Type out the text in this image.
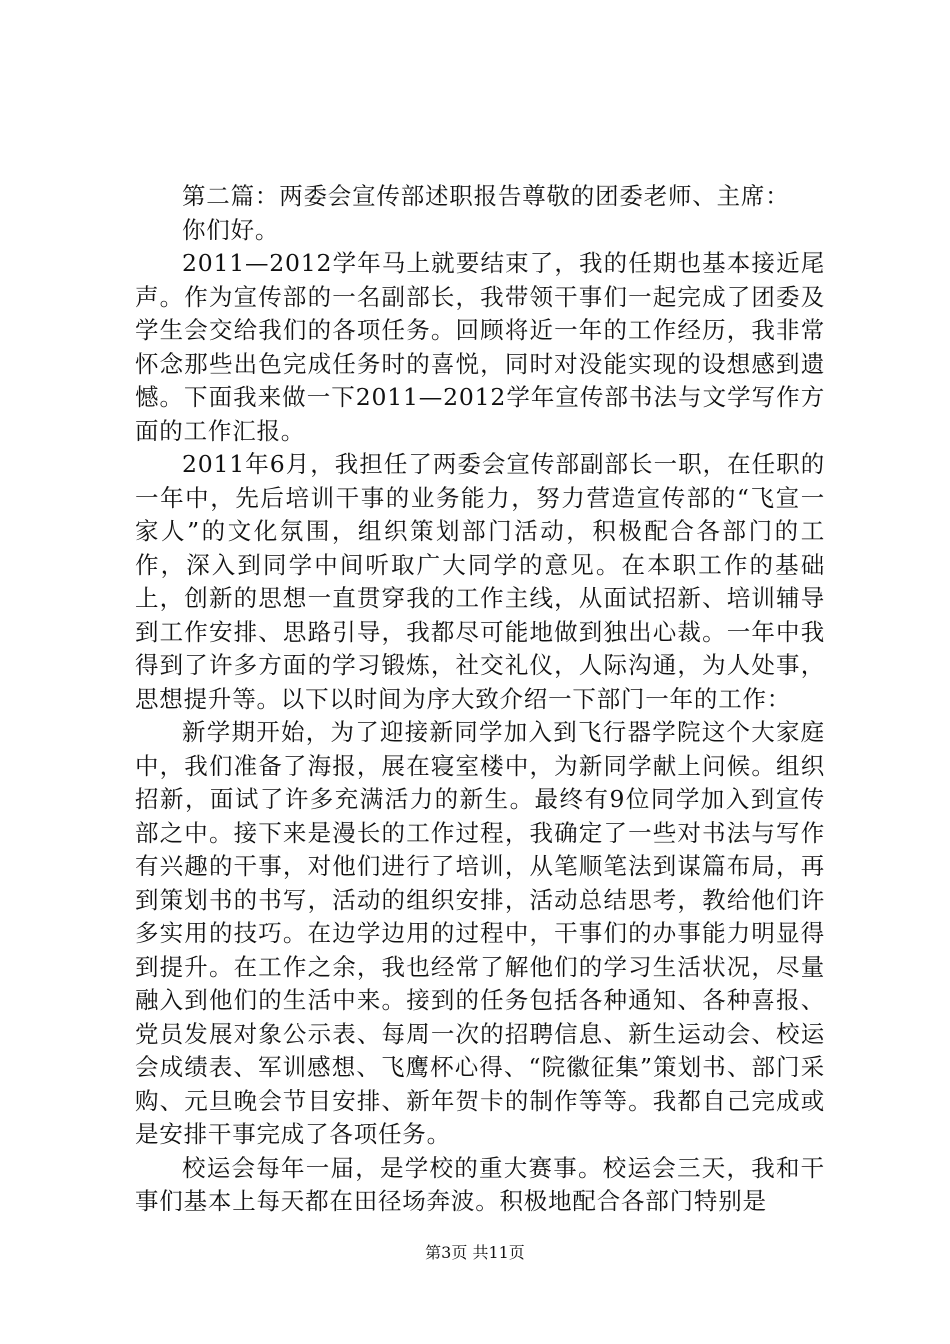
第二篇：两委会宣传部述职报告尊敬的团委老师、主席：

你们好。

2011—2012学年马上就要结束了，我的任期也基本接近尾声。作为宣传部的一名副部长，我带领干事们一起完成了团委及学生会交给我们的各项任务。回顾将近一年的工作经历，我非常怀念那些出色完成任务时的喜悦，同时对没能实现的设想感到遗憾。下面我来做一下2011—2012学年宣传部书法与文学写作方面的工作汇报。

2011年6月，我担任了两委会宣传部副部长一职，在任职的一年中，先后培训干事的业务能力，努力营造宣传部的“飞宣一家人”的文化氛围，组织策划部门活动，积极配合各部门的工作，深入到同学中间听取广大同学的意见。在本职工作的基础上，创新的思想一直贯穿我的工作主线，从面试招新、培训辅导到工作安排、思路引导，我都尽可能地做到独出心裁。一年中我得到了许多方面的学习锻炼，社交礼仪，人际沟通，为人处事，思想提升等。以下以时间为序大致介绍一下部门一年的工作：

新学期开始，为了迎接新同学加入到飞行器学院这个大家庭中，我们准备了海报，展在寝室楼中，为新同学献上问候。组织招新，面试了许多充满活力的新生。最终有9位同学加入到宣传部之中。接下来是漫长的工作过程，我确定了一些对书法与写作有兴趣的干事，对他们进行了培训，从笔顺笔法到谋篇布局，再到策划书的书写，活动的组织安排，活动总结思考，教给他们许多实用的技巧。在边学边用的过程中，干事们的办事能力明显得到提升。在工作之余，我也经常了解他们的学习生活状况，尽量融入到他们的生活中来。接到的任务包括各种通知、各种喜报、党员发展对象公示表、每周一次的招聘信息、新生运动会、校运会成绩表、军训感想、飞鹰杯心得、“院徽征集”策划书、部门采购、元旦晚会节目安排、新年贺卡的制作等等。我都自己完成或是安排干事完成了各项任务。

校运会每年一届，是学校的重大赛事。校运会三天，我和干事们基本上每天都在田径场奔波。积极地配合各部门特别是

第3页 共11页
